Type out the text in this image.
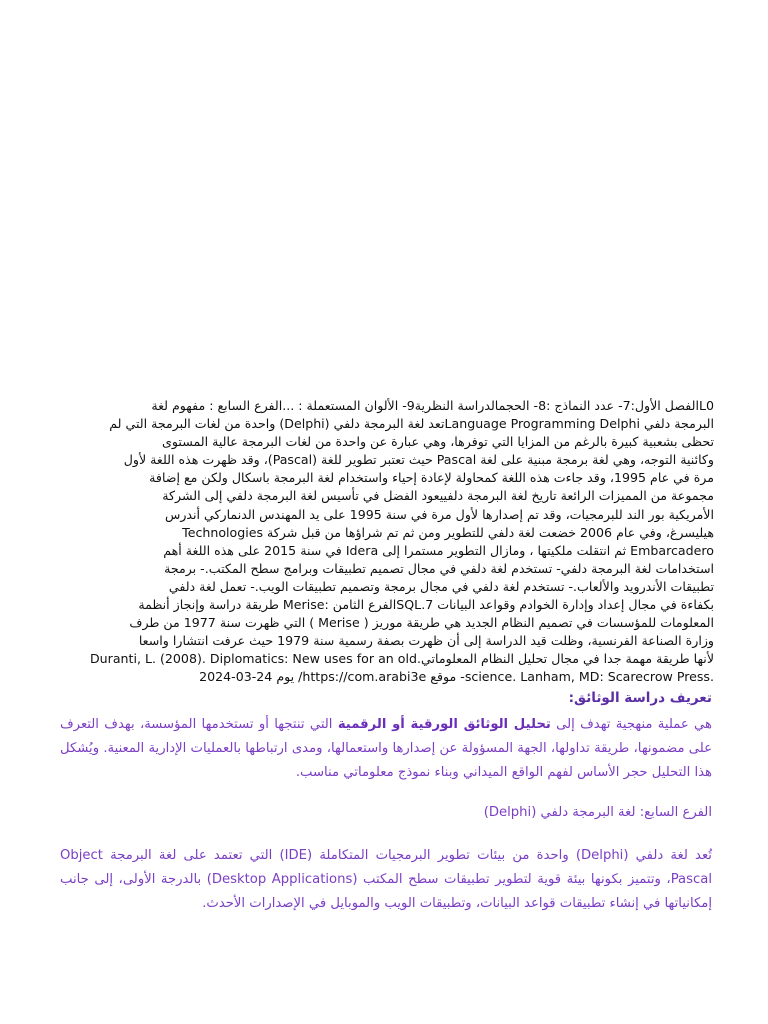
L0الفصل الأول:7- عدد النماذج :8- الحجمالدراسة النظرية9- الألوان المستعملة : ...الفرع السابع : مفهوم لغة

البرمجة دلفي Language Programming Delphiتعد لغة البرمجة دلفي (Delphi) واحدة من لغات البرمجة التي لم

تحظى بشعبية كبيرة بالرغم من المزايا التي توفرها، وهي عبارة عن واحدة من لغات البرمجة عالية المستوى

وكائنية التوجه، وهي لغة برمجة مبنية على لغة Pascal حيث تعتبر تطوير للغة (Pascal)، وقد ظهرت هذه اللغة لأول

مرة في عام 1995، وقد جاءت هذه اللغة كمحاولة لإعادة إحياء واستخدام لغة البرمجة باسكال ولكن مع إضافة

مجموعة من المميزات الرائعة تاريخ لغة البرمجة دلفييعود الفضل في تأسيس لغة البرمجة دلفي إلى الشركة

الأمريكية بور الند للبرمجيات، وقد تم إصدارها لأول مرة في سنة 1995 على يد المهندس الدنماركي أندرس

هيليسرغ، وفي عام 2006 خضعت لغة دلفي للتطوير ومن ثم تم شراؤها من قبل شركة Technologies

Embarcadero ثم انتقلت ملكيتها ، ومازال التطوير مستمرا إلى Idera في سنة 2015 على هذه اللغة أهم

استخدامات لغة البرمجة دلفي- تستخدم لغة دلفي في مجال تصميم تطبيقات وبرامج سطح المكتب.- برمجة

تطبيقات الأندرويد والألعاب.- تستخدم لغة دلفي في مجال برمجة وتصميم تطبيقات الويب.- تعمل لغة دلفي

بكفاءة في مجال إعداد وإدارة الخوادم وقواعد البيانات SQL.7الفرع الثامن :Merise طريقة دراسة وإنجاز أنظمة

المعلومات للمؤسسات في تصميم النظام الجديد هي طريقة موريز ( Merise ) التي ظهرت سنة 1977 من طرف

وزارة الصناعة الفرنسية، وظلت قيد الدراسة إلى أن ظهرت بصفة رسمية سنة 1979 حيث عرفت انتشارا واسعا

لأنها طريقة مهمة جدا في مجال تحليل النظام المعلوماتي.Duranti, L. (2008). Diplomatics: New uses for an old

.science. Lanham, MD: Scarecrow Press- موقع https://com.arabi3e/ يوم 24-03-2024

تعريف دراسة الوثائق:
هي عملية منهجية تهدف إلى تحليل الوثائق الورقية أو الرقمية التي تنتجها أو تستخدمها المؤسسة، بهدف التعرف على مضمونها، طريقة تداولها، الجهة المسؤولة عن إصدارها واستعمالها، ومدى ارتباطها بالعمليات الإدارية المعنية. ويُشكل هذا التحليل حجر الأساس لفهم الواقع الميداني وبناء نموذج معلوماتي مناسب.
الفرع السابع: لغة البرمجة دلفي (Delphi)
تُعد لغة دلفي (Delphi) واحدة من بيئات تطوير البرمجيات المتكاملة (IDE) التي تعتمد على لغة البرمجة Object Pascal، وتتميز بكونها بيئة قوية لتطوير تطبيقات سطح المكتب (Desktop Applications) بالدرجة الأولى، إلى جانب إمكانياتها في إنشاء تطبيقات قواعد البيانات، وتطبيقات الويب والموبايل في الإصدارات الأحدث.
